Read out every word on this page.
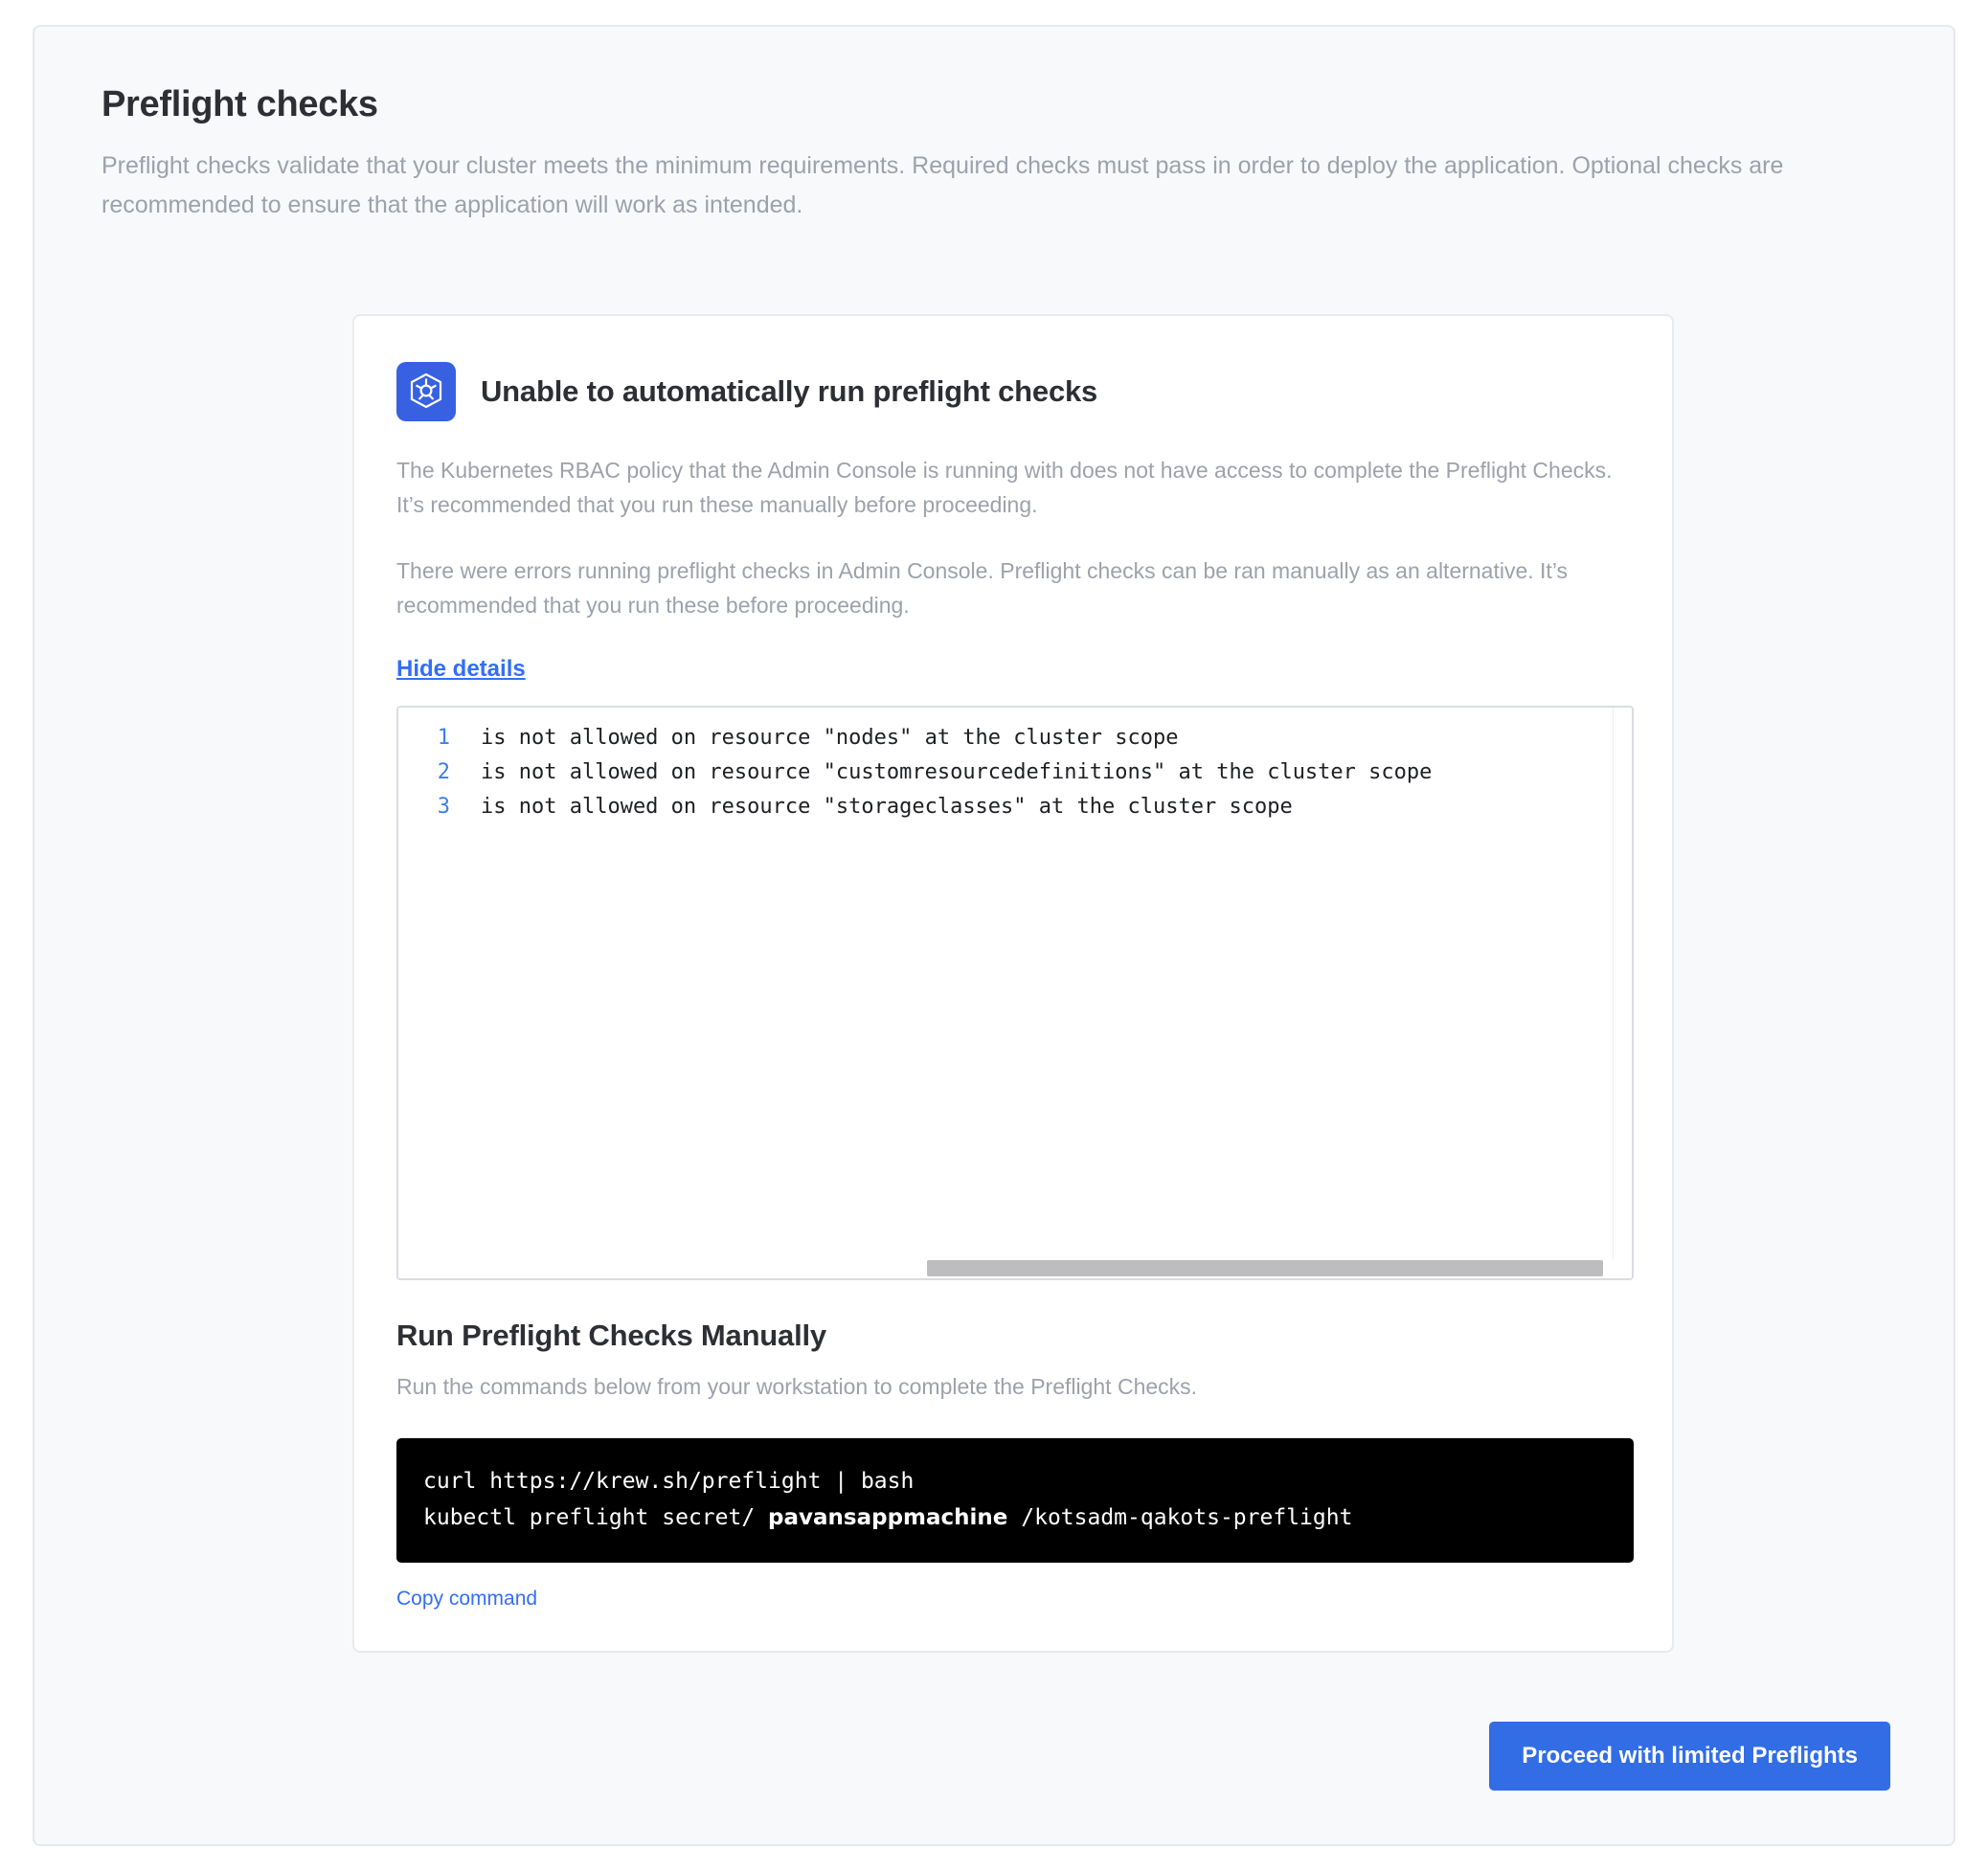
Preflight checks
Preflight checks validate that your cluster meets the minimum requirements. Required checks must pass in order to deploy the application. Optional checks are recommended to ensure that the application will work as intended.
Unable to automatically run preflight checks

The Kubernetes RBAC policy that the Admin Console is running with does not have access to complete the Preflight Checks. It’s recommended that you run these manually before proceeding.

There were errors running preflight checks in Admin Console. Preflight checks can be ran manually as an alternative. It’s recommended that you run these before proceeding.

Hide details
1	is not allowed on resource "nodes" at the cluster scope
2	is not allowed on resource "customresourcedefinitions" at the cluster scope
3	is not allowed on resource "storageclasses" at the cluster scope
Run Preflight Checks Manually
Run the commands below from your workstation to complete the Preflight Checks.
curl https://krew.sh/preflight | bash
kubectl preflight secret/ pavansappmachine /kotsadm-qakots-preflight
Copy command
Proceed with limited Preflights
